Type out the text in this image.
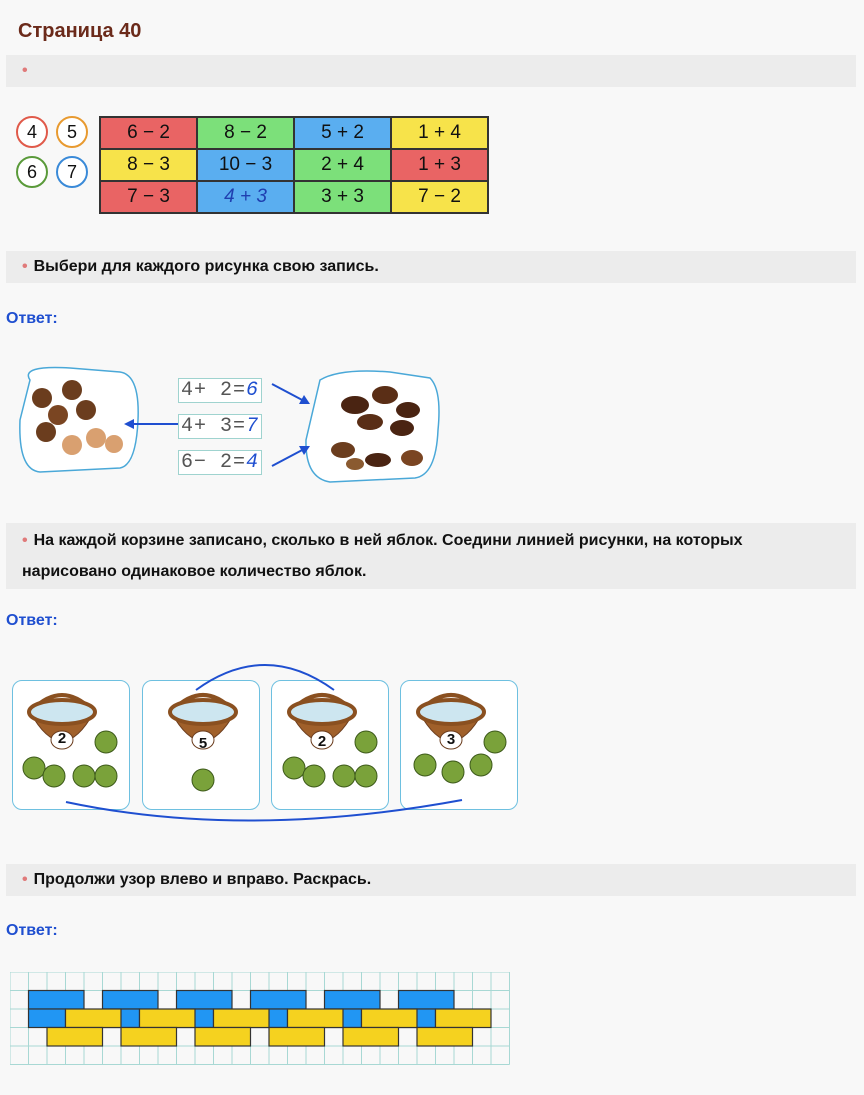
Страница 40
•
4	5
6	7
6 − 2	8 − 2	5 + 2	1 + 4
8 − 3	10 − 3	2 + 4	1 + 3
7 − 3	4 + 3	3 + 3	7 − 2
• Выбери для каждого рисунка свою запись.
Ответ:
4+ 2=6
4+ 3=7
6− 2=4
• На каждой корзине записано, сколько в ней яблок. Соедини линией рисунки, на которых нарисовано одинаковое количество яблок.
Ответ:
2	5	2	3
• Продолжи узор влево и вправо. Раскрась.
Ответ:
